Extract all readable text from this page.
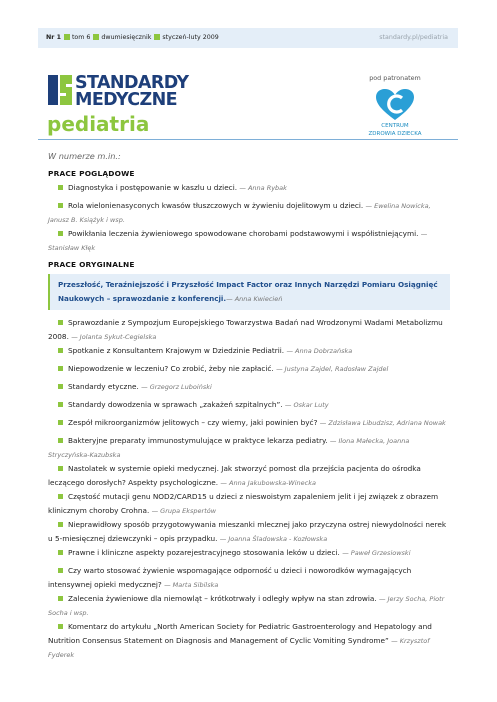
Nr 1 tom 6 dwumiesięcznik styczeń-luty 2009	standardy.pl/pediatria
STANDARDY
MEDYCZNE
pediatria
pod patronatem
CENTRUM
ZDROWIA DZIECKA
W numerze m.in.:
PRACE POGLĄDOWE
Diagnostyka i postępowanie w kaszlu u dzieci. — Anna Rybak
Rola wielonienasyconych kwasów tłuszczowych w żywieniu dojelitowym u dzieci. — Ewelina Nowicka, Janusz B. Książyk i wsp.
Powikłania leczenia żywieniowego spowodowane chorobami podstawowymi i współistniejącymi. — Stanisław Kłęk
PRACE ORYGINALNE
Przeszłość, Teraźniejszość i Przyszłość Impact Factor oraz Innych Narzędzi Pomiaru Osiągnięć Naukowych – sprawozdanie z konferencji.— Anna Kwiecień
Sprawozdanie z Sympozjum Europejskiego Towarzystwa Badań nad Wrodzonymi Wadami Metabolizmu 2008. — Jolanta Sykut-Cegielska
Spotkanie z Konsultantem Krajowym w Dziedzinie Pediatrii. — Anna Dobrzańska
Niepowodzenie w leczeniu? Co zrobić, żeby nie zapłacić. — Justyna Zajdel, Radosław Zajdel
Standardy etyczne. — Grzegorz Luboiński
Standardy dowodzenia w sprawach „zakażeń szpitalnych”. — Oskar Luty
Zespół mikroorganizmów jelitowych – czy wiemy, jaki powinien być? — Zdzisława Libudzisz, Adriana Nowak
Bakteryjne preparaty immunostymulujące w praktyce lekarza pediatry. — Ilona Małecka, Joanna Stryczyńska-Kazubska
Nastolatek w systemie opieki medycznej. Jak stworzyć pomost dla przejścia pacjenta do ośrodka leczącego dorosłych? Aspekty psychologiczne. — Anna Jakubowska-Winecka
Częstość mutacji genu NOD2/CARD15 u dzieci z nieswoistym zapaleniem jelit i jej związek z obrazem klinicznym choroby Crohna. — Grupa Ekspertów
Nieprawidłowy sposób przygotowywania mieszanki mlecznej jako przyczyna ostrej niewydolności nerek u 5-miesięcznej dziewczynki – opis przypadku. — Joanna Śladowska - Kozłowska
Prawne i kliniczne aspekty pozarejestracyjnego stosowania leków u dzieci. — Paweł Grzesiowski
Czy warto stosować żywienie wspomagające odporność u dzieci i noworodków wymagających intensywnej opieki medycznej? — Marta Sibilska
Zalecenia żywieniowe dla niemowląt – krótkotrwały i odległy wpływ na stan zdrowia. — Jerzy Socha, Piotr Socha i wsp.
Komentarz do artykułu „North American Society for Pediatric Gastroenterology and Hepatology and Nutrition Consensus Statement on Diagnosis and Management of Cyclic Vomiting Syndrome” — Krzysztof Fyderek
